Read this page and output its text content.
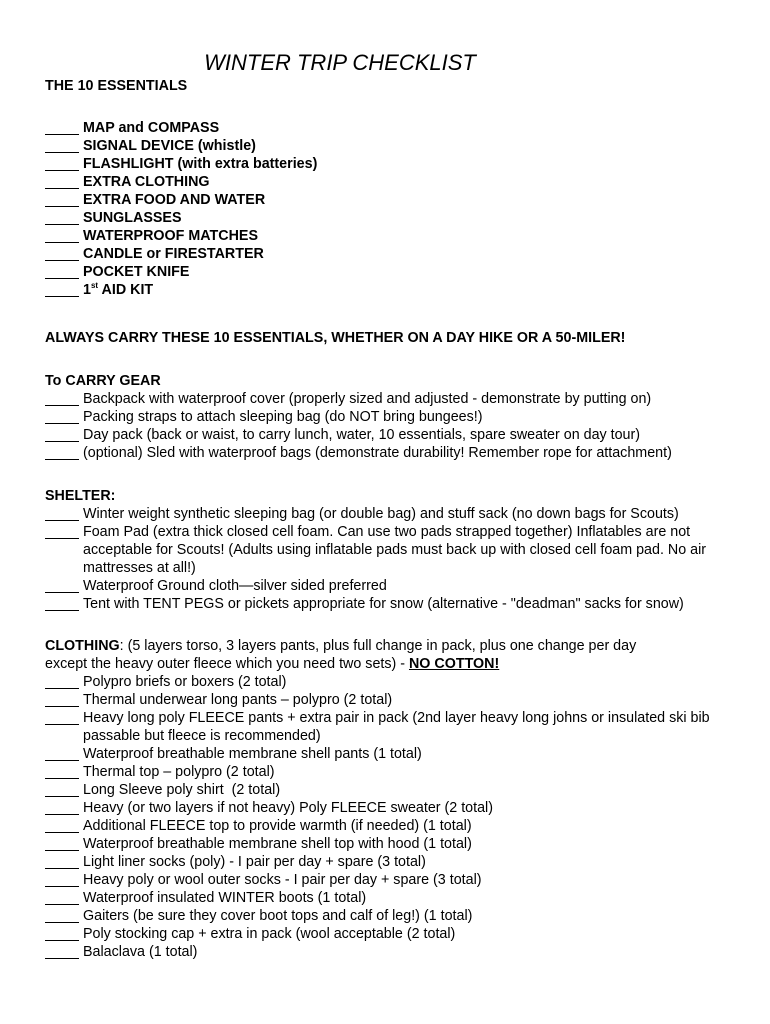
WINTER TRIP CHECKLIST
THE 10 ESSENTIALS
MAP and COMPASS
SIGNAL DEVICE (whistle)
FLASHLIGHT (with extra batteries)
EXTRA CLOTHING
EXTRA FOOD AND WATER
SUNGLASSES
WATERPROOF MATCHES
CANDLE or FIRESTARTER
POCKET KNIFE
1st AID KIT
ALWAYS CARRY THESE 10 ESSENTIALS, WHETHER ON A DAY HIKE OR A 50-MILER!
To CARRY GEAR
Backpack with waterproof cover (properly sized and adjusted - demonstrate by putting on)
Packing straps to attach sleeping bag (do NOT bring bungees!)
Day pack (back or waist, to carry lunch, water, 10 essentials, spare sweater on day tour)
(optional) Sled with waterproof bags (demonstrate durability! Remember rope for attachment)
SHELTER:
Winter weight synthetic sleeping bag (or double bag) and stuff sack (no down bags for Scouts)
Foam Pad (extra thick closed cell foam. Can use two pads strapped together) Inflatables are not acceptable for Scouts! (Adults using inflatable pads must back up with closed cell foam pad. No air mattresses at all!)
Waterproof Ground cloth—silver sided preferred
Tent with TENT PEGS or pickets appropriate for snow (alternative - "deadman" sacks for snow)
CLOTHING: (5 layers torso, 3 layers pants, plus full change in pack, plus one change per day
except the heavy outer fleece which you need two sets) - NO COTTON!
Polypro briefs or boxers (2 total)
Thermal underwear long pants – polypro (2 total)
Heavy long poly FLEECE pants + extra pair in pack (2nd layer heavy long johns or insulated ski bib passable but fleece is recommended)
Waterproof breathable membrane shell pants (1 total)
Thermal top – polypro (2 total)
Long Sleeve poly shirt  (2 total)
Heavy (or two layers if not heavy) Poly FLEECE sweater (2 total)
Additional FLEECE top to provide warmth (if needed) (1 total)
Waterproof breathable membrane shell top with hood (1 total)
Light liner socks (poly) - I pair per day + spare (3 total)
Heavy poly or wool outer socks - I pair per day + spare (3 total)
Waterproof insulated WINTER boots (1 total)
Gaiters (be sure they cover boot tops and calf of leg!) (1 total)
Poly stocking cap + extra in pack (wool acceptable (2 total)
Balaclava (1 total)
